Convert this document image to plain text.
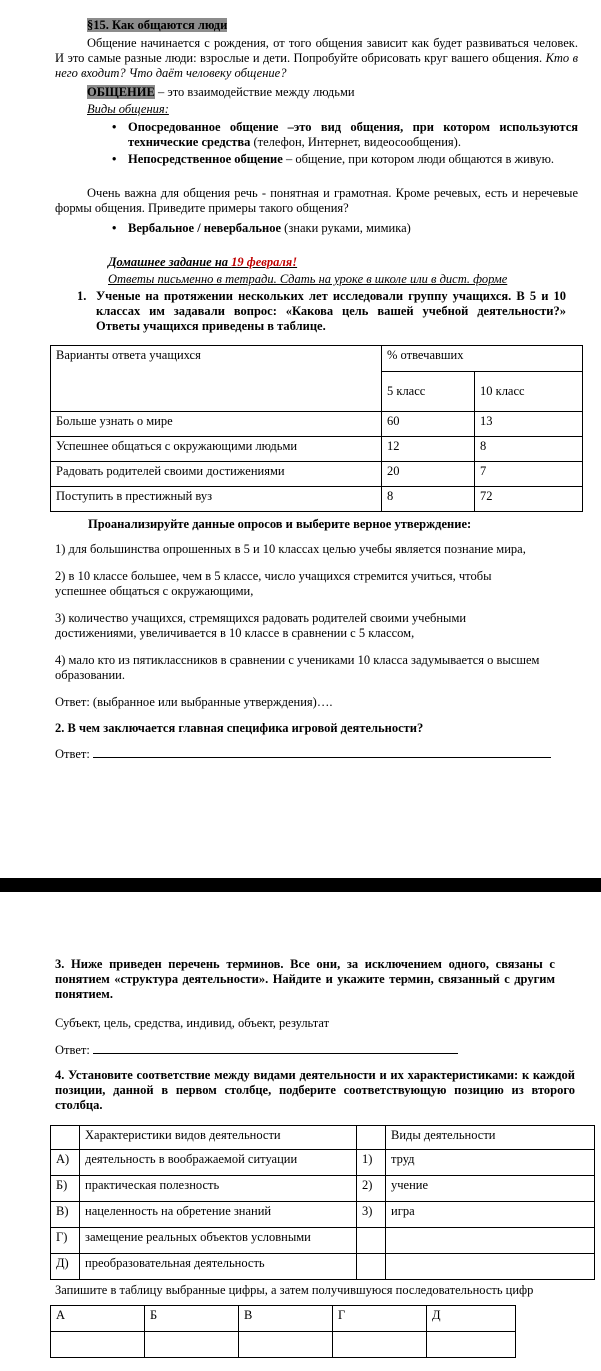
§15. Как общаются люди
Общение начинается с рождения, от того общения зависит как будет развиваться человек. И это самые разные люди: взрослые и дети. Попробуйте обрисовать круг вашего общения. Кто в него входит? Что даёт человеку общение?
ОБЩЕНИЕ – это взаимодействие между людьми
Виды общения:
• Опосредованное общение –это вид общения, при котором используются технические средства (телефон, Интернет, видеосообщения).
• Непосредственное общение – общение, при котором люди общаются в живую.
Очень важна для общения речь - понятная и грамотная. Кроме речевых, есть и неречевые формы общения. Приведите примеры такого общения?
• Вербальное / невербальное (знаки руками, мимика)
Домашнее задание на 19 февраля!
Ответы письменно в тетради. Сдать на уроке в школе или в дист. форме
1. Ученые на протяжении нескольких лет исследовали группу учащихся. В 5 и 10 классах им задавали вопрос: «Какова цель вашей учебной деятельности?» Ответы учащихся приведены в таблице.
Варианты ответа учащихся	% отвечавших	
	5 класс	10 класс
Больше узнать о мире	60	13
Успешнее общаться с окружающими людьми	12	8
Радовать родителей своими достижениями	20	7
Поступить в престижный вуз	8	72
Проанализируйте данные опросов и выберите верное утверждение:
1) для большинства опрошенных в 5 и 10 классах целью учебы является познание мира,
2) в 10 классе большее, чем в 5 классе, число учащихся стремится учиться, чтобы успешнее общаться с окружающими,
3) количество учащихся, стремящихся радовать родителей своими учебными достижениями, увеличивается в 10 классе в сравнении с 5 классом,
4) мало кто из пятиклассников в сравнении с учениками 10 класса задумывается о высшем образовании.
Ответ: (выбранное или выбранные утверждения)….
2. В чем заключается главная специфика игровой деятельности?
Ответ:
3. Ниже приведен перечень терминов. Все они, за исключением одного, связаны с понятием «структура деятельности». Найдите и укажите термин, связанный с другим понятием.
Субъект, цель, средства, индивид, объект, результат
Ответ:
4. Установите соответствие между видами деятельности и их характеристиками: к каждой позиции, данной в первом столбце, подберите соответствующую позицию из второго столбца.
	Характеристики видов деятельности		Виды деятельности
А)	деятельность в воображаемой ситуации	1)	труд
Б)	практическая полезность	2)	учение
В)	нацеленность на обретение знаний	3)	игра
Г)	замещение реальных объектов условными		
Д)	преобразовательная деятельность		
Запишите в таблицу выбранные цифры, а затем получившуюся последовательность цифр
А	Б	В	Г	Д
